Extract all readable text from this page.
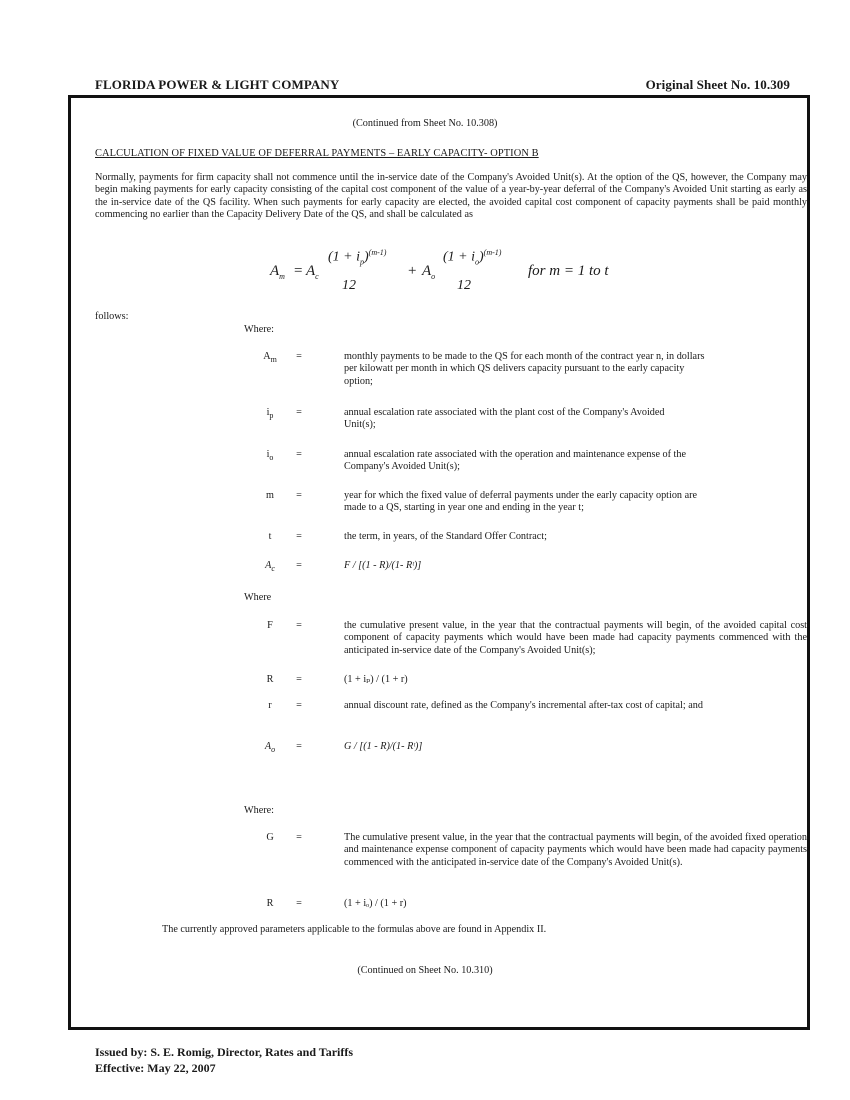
FLORIDA POWER & LIGHT COMPANY	Original Sheet No. 10.309
(Continued from Sheet No. 10.308)
CALCULATION OF FIXED VALUE OF DEFERRAL PAYMENTS – EARLY CAPACITY- OPTION B
Normally, payments for firm capacity shall not commence until the in-service date of the Company's Avoided Unit(s). At the option of the QS, however, the Company may begin making payments for early capacity consisting of the capital cost component of the value of a year-by-year deferral of the Company's Avoided Unit starting as early as the in-service date of the QS facility. When such payments for early capacity are elected, the avoided capital cost component of capacity payments shall be paid monthly commencing no earlier than the Capacity Delivery Date of the QS, and shall be calculated as
$A_m = A_c$
$(1 + i_p)^{(m-1)}$
12
+ $A_o$
$(1 + i_o)^{(m-1)}$
12
for m = 1 to t
follows:
Where:
$A_m$	=	monthly payments to be made to the QS for each month of the contract year n, in dollars per kilowatt per month in which QS delivers capacity pursuant to the early capacity option;
$i_p$	=	annual escalation rate associated with the plant cost of the Company's Avoided Unit(s);
$i_o$	=	annual escalation rate associated with the operation and maintenance expense of the Company's Avoided Unit(s);
m	=	year for which the fixed value of deferral payments under the early capacity option are made to a QS, starting in year one and ending in the year t;
t	=	the term, in years, of the Standard Offer Contract;
$A_c$	=	F / [(1 - R)/(1- Rᵗ)]
Where
F	=	the cumulative present value, in the year that the contractual payments will begin, of the avoided capital cost component of capacity payments which would have been made had capacity payments commenced with the anticipated in-service date of the Company's Avoided Unit(s);
R	=	(1 + iₚ) / (1 + r)
r	=	annual discount rate, defined as the Company's incremental after-tax cost of capital; and
$A_o$	=	G / [(1 - R)/(1- Rᵗ)]
Where:
G	=	The cumulative present value, in the year that the contractual payments will begin, of the avoided fixed operation and maintenance expense component of capacity payments which would have been made had capacity payments commenced with the anticipated in-service date of the Company's Avoided Unit(s).
R	=	(1 + iₒ) / (1 + r)
The currently approved parameters applicable to the formulas above are found in Appendix II.
(Continued on Sheet No. 10.310)
Issued by: S. E. Romig, Director, Rates and Tariffs
Effective: May 22, 2007
